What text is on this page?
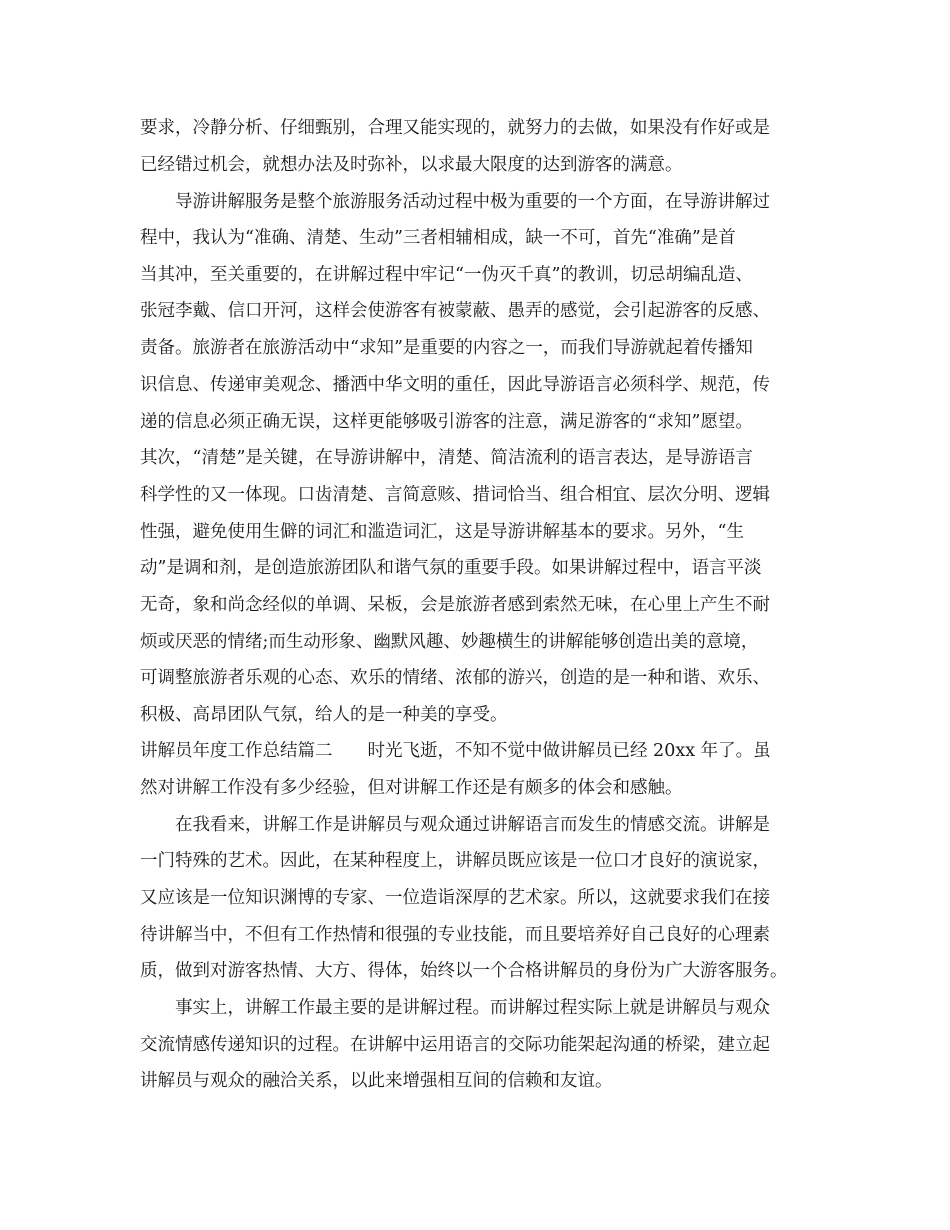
要求，冷静分析、仔细甄别，合理又能实现的，就努力的去做，如果没有作好或是
已经错过机会，就想办法及时弥补，以求最大限度的达到游客的满意。
导游讲解服务是整个旅游服务活动过程中极为重要的一个方面，在导游讲解过
程中，我认为“准确、清楚、生动”三者相辅相成，缺一不可，首先“准确”是首
当其冲，至关重要的，在讲解过程中牢记“一伪灭千真”的教训，切忌胡编乱造、
张冠李戴、信口开河，这样会使游客有被蒙蔽、愚弄的感觉，会引起游客的反感、
责备。旅游者在旅游活动中“求知”是重要的内容之一，而我们导游就起着传播知
识信息、传递审美观念、播洒中华文明的重任，因此导游语言必须科学、规范，传
递的信息必须正确无误，这样更能够吸引游客的注意，满足游客的“求知”愿望。
其次，“清楚”是关键，在导游讲解中，清楚、简洁流利的语言表达，是导游语言
科学性的又一体现。口齿清楚、言简意赅、措词恰当、组合相宜、层次分明、逻辑
性强，避免使用生僻的词汇和滥造词汇，这是导游讲解基本的要求。另外，“生
动”是调和剂，是创造旅游团队和谐气氛的重要手段。如果讲解过程中，语言平淡
无奇，象和尚念经似的单调、呆板，会是旅游者感到索然无味，在心里上产生不耐
烦或厌恶的情绪;而生动形象、幽默风趣、妙趣横生的讲解能够创造出美的意境，
可调整旅游者乐观的心态、欢乐的情绪、浓郁的游兴，创造的是一种和谐、欢乐、
积极、高昂团队气氛，给人的是一种美的享受。
讲解员年度工作总结篇二　　时光飞逝，不知不觉中做讲解员已经 20xx 年了。虽
然对讲解工作没有多少经验，但对讲解工作还是有颇多的体会和感触。
在我看来，讲解工作是讲解员与观众通过讲解语言而发生的情感交流。讲解是
一门特殊的艺术。因此，在某种程度上，讲解员既应该是一位口才良好的演说家，
又应该是一位知识渊博的专家、一位造诣深厚的艺术家。所以，这就要求我们在接
待讲解当中，不但有工作热情和很强的专业技能，而且要培养好自己良好的心理素
质，做到对游客热情、大方、得体，始终以一个合格讲解员的身份为广大游客服务。
事实上，讲解工作最主要的是讲解过程。而讲解过程实际上就是讲解员与观众
交流情感传递知识的过程。在讲解中运用语言的交际功能架起沟通的桥梁，建立起
讲解员与观众的融洽关系，以此来增强相互间的信赖和友谊。
